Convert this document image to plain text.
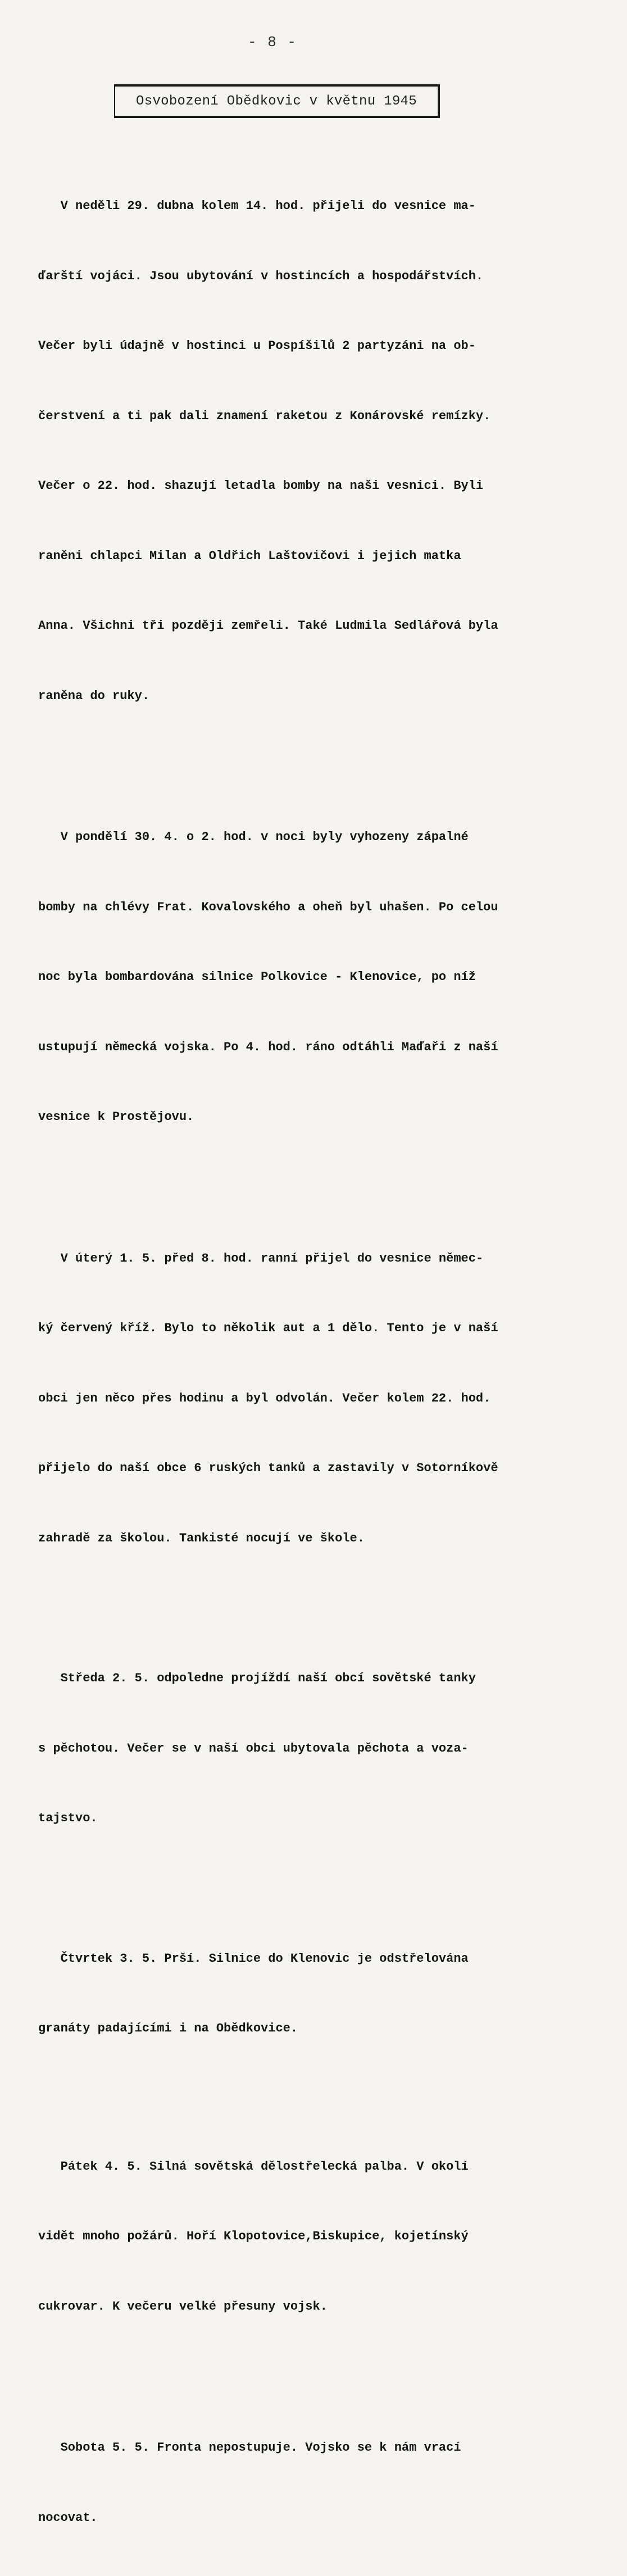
- 8 -
Osvobození Obědkovic v květnu 1945

V neděli 29. dubna kolem 14. hod. přijeli do vesnice ma-

ďarští vojáci. Jsou ubytování v hostincích a hospodářstvích.

Večer byli údajně v hostinci u Pospíšilů 2 partyzáni na ob-

čerstvení a ti pak dali znamení raketou z Konárovské remízky.

Večer o 22. hod. shazují letadla bomby na naši vesnici. Byli

raněni chlapci Milan a Oldřich Laštovičovi i jejich matka

Anna. Všichni tři později zemřeli. Také Ludmila Sedlářová byla

raněna do ruky.

V pondělí 30. 4. o 2. hod. v noci byly vyhozeny zápalné

bomby na chlévy Frat. Kovalovského a oheň byl uhašen. Po celou

noc byla bombardována silnice Polkovice - Klenovice, po níž

ustupují německá vojska. Po 4. hod. ráno odtáhli Maďaři z naší

vesnice k Prostějovu.

V úterý 1. 5. před 8. hod. ranní přijel do vesnice němec-

ký červený kříž. Bylo to několik aut a 1 dělo. Tento je v naší

obci jen něco přes hodinu a byl odvolán. Večer kolem 22. hod.

přijelo do naší obce 6 ruských tanků a zastavily v Sotorníkově

zahradě za školou. Tankisté nocují ve škole.

Středa 2. 5. odpoledne projíždí naší obcí sovětské tanky

s pěchotou. Večer se v naší obci ubytovala pěchota a voza-

tajstvo.

Čtvrtek 3. 5. Prší. Silnice do Klenovic je odstřelována

granáty padajícími i na Obědkovice.

Pátek 4. 5. Silná sovětská dělostřelecká palba. V okolí

vidět mnoho požárů. Hoří Klopotovice,Biskupice, kojetínský

cukrovar. K večeru velké přesuny vojsk.

Sobota 5. 5. Fronta nepostupuje. Vojsko se k nám vrací

nocovat.
